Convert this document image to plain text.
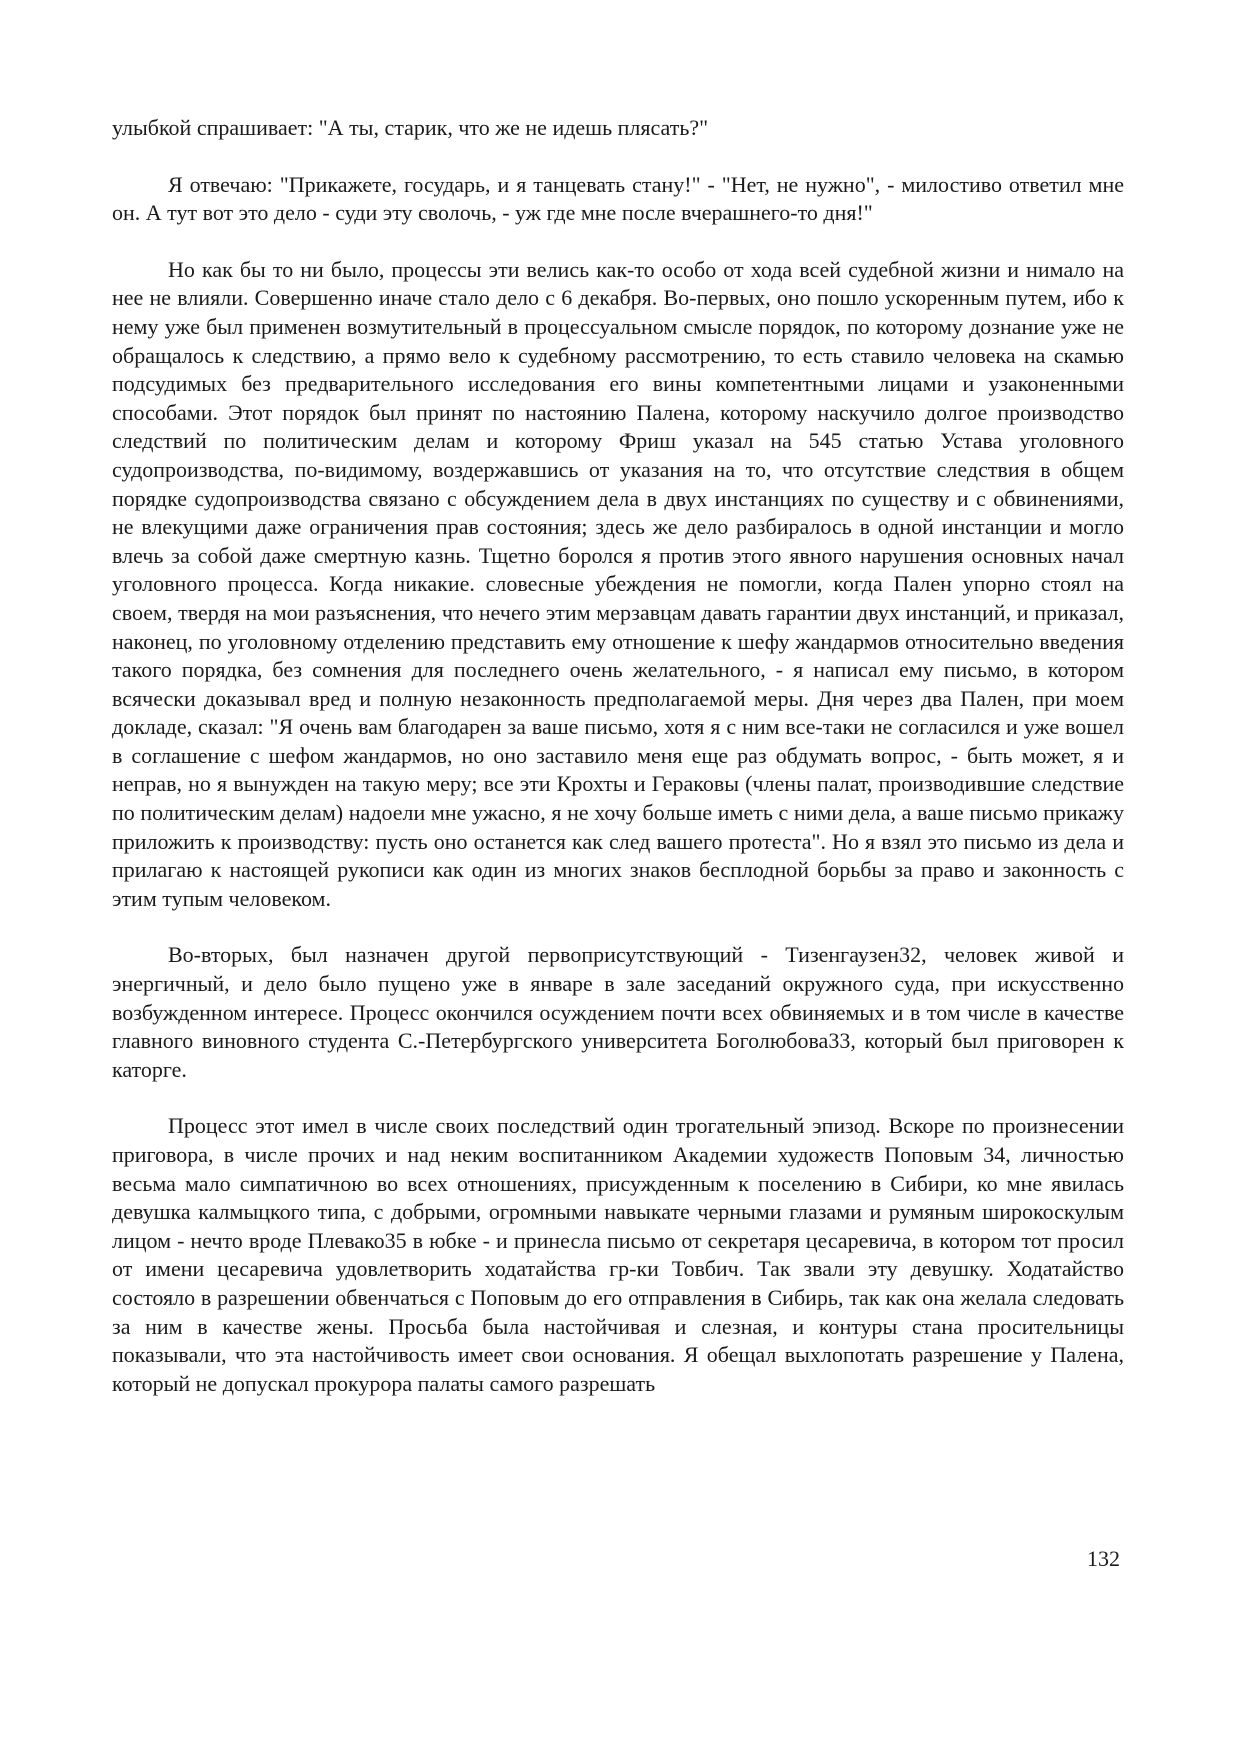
улыбкой спрашивает: "А ты, старик, что же не идешь плясать?"

Я отвечаю: "Прикажете, государь, и я танцевать стану!" - "Нет, не нужно", - милостиво ответил мне он. А тут вот это дело - суди эту сволочь, - уж где мне после вчерашнего-то дня!"

Но как бы то ни было, процессы эти велись как-то особо от хода всей судебной жизни и нимало на нее не влияли. Совершенно иначе стало дело с 6 декабря. Во-первых, оно пошло ускоренным путем, ибо к нему уже был применен возмутительный в процессуальном смысле порядок, по которому дознание уже не обращалось к следствию, а прямо вело к судебному рассмотрению, то есть ставило человека на скамью подсудимых без предварительного исследования его вины компетентными лицами и узаконенными способами. Этот порядок был принят по настоянию Палена, которому наскучило долгое производство следствий по политическим делам и которому Фриш указал на 545 статью Устава уголовного судопроизводства, по-видимому, воздержавшись от указания на то, что отсутствие следствия в общем порядке судопроизводства связано с обсуждением дела в двух инстанциях по существу и с обвинениями, не влекущими даже ограничения прав состояния; здесь же дело разбиралось в одной инстанции и могло влечь за собой даже смертную казнь. Тщетно боролся я против этого явного нарушения основных начал уголовного процесса. Когда никакие. словесные убеждения не помогли, когда Пален упорно стоял на своем, твердя на мои разъяснения, что нечего этим мерзавцам давать гарантии двух инстанций, и приказал, наконец, по уголовному отделению представить ему отношение к шефу жандармов относительно введения такого порядка, без сомнения для последнего очень желательного, - я написал ему письмо, в котором всячески доказывал вред и полную незаконность предполагаемой меры. Дня через два Пален, при моем докладе, сказал: "Я очень вам благодарен за ваше письмо, хотя я с ним все-таки не согласился и уже вошел в соглашение с шефом жандармов, но оно заставило меня еще раз обдумать вопрос, - быть может, я и неправ, но я вынужден на такую меру; все эти Крохты и Гераковы (члены палат, производившие следствие по политическим делам) надоели мне ужасно, я не хочу больше иметь с ними дела, а ваше письмо прикажу приложить к производству: пусть оно останется как след вашего протеста". Но я взял это письмо из дела и прилагаю к настоящей рукописи как один из многих знаков бесплодной борьбы за право и законность с этим тупым человеком.

Во-вторых, был назначен другой первоприсутствующий - Тизенгаузен32, человек живой и энергичный, и дело было пущено уже в январе в зале заседаний окружного суда, при искусственно возбужденном интересе. Процесс окончился осуждением почти всех обвиняемых и в том числе в качестве главного виновного студента С.-Петербургского университета Боголюбова33, который был приговорен к каторге.

Процесс этот имел в числе своих последствий один трогательный эпизод. Вскоре по произнесении приговора, в числе прочих и над неким воспитанником Академии художеств Поповым 34, личностью весьма мало симпатичною во всех отношениях, присужденным к поселению в Сибири, ко мне явилась девушка калмыцкого типа, с добрыми, огромными навыкате черными глазами и румяным широкоскулым лицом - нечто вроде Плевако35 в юбке - и принесла письмо от секретаря цесаревича, в котором тот просил от имени цесаревича удовлетворить ходатайства гр-ки Товбич. Так звали эту девушку. Ходатайство состояло в разрешении обвенчаться с Поповым до его отправления в Сибирь, так как она желала следовать за ним в качестве жены. Просьба была настойчивая и слезная, и контуры стана просительницы показывали, что эта настойчивость имеет свои основания. Я обещал выхлопотать разрешение у Палена, который не допускал прокурора палаты самого разрешать

132
